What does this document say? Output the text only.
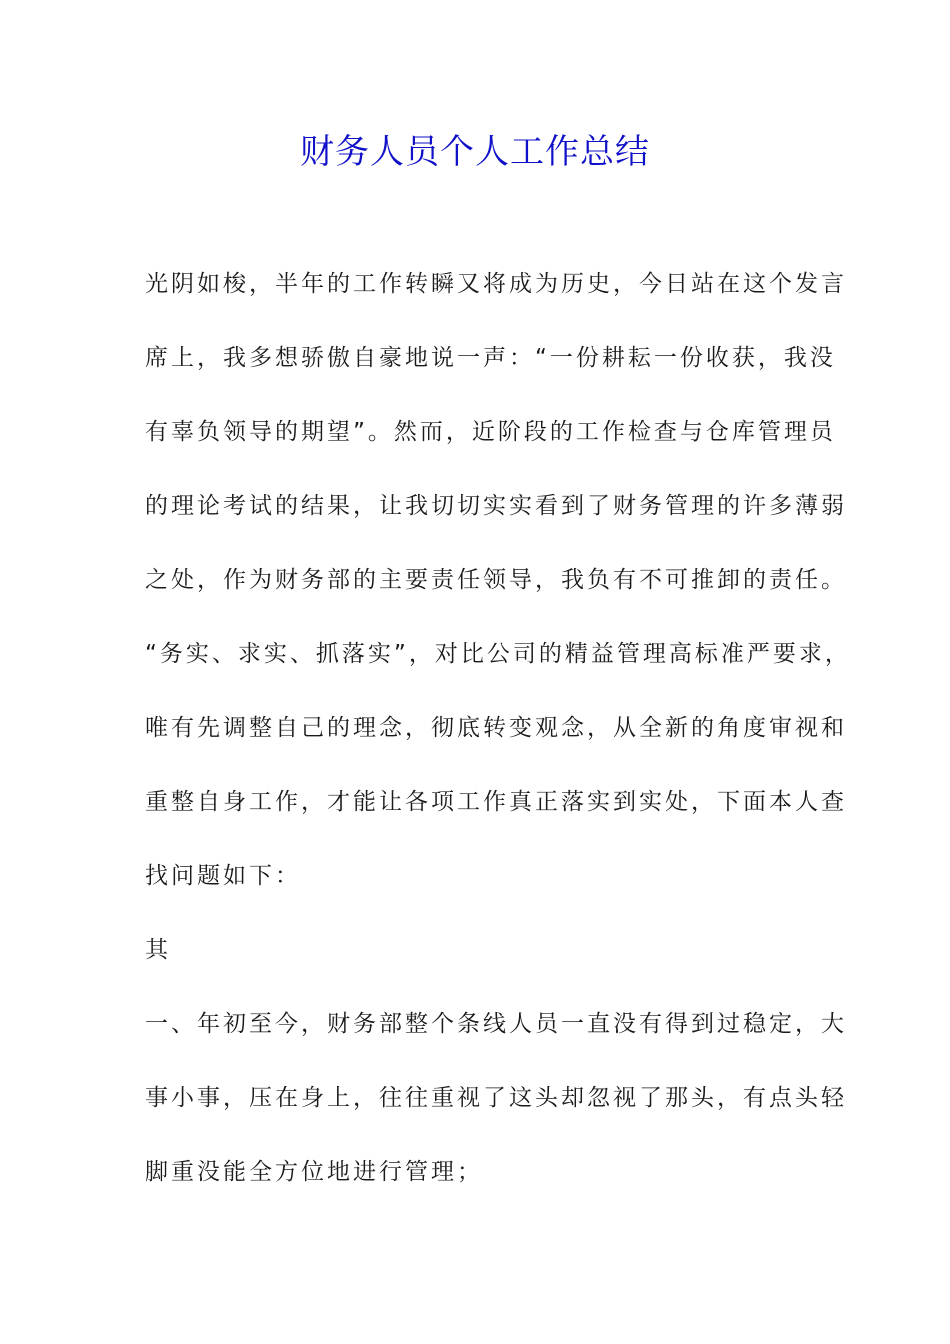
财务人员个人工作总结
光阴如梭，半年的工作转瞬又将成为历史，今日站在这个发言
席上，我多想骄傲自豪地说一声：“一份耕耘一份收获，我没
有辜负领导的期望”。然而，近阶段的工作检查与仓库管理员
的理论考试的结果，让我切切实实看到了财务管理的许多薄弱
之处，作为财务部的主要责任领导，我负有不可推卸的责任。
“务实、求实、抓落实”，对比公司的精益管理高标准严要求，
唯有先调整自己的理念，彻底转变观念，从全新的角度审视和
重整自身工作，才能让各项工作真正落实到实处，下面本人查
找问题如下：
其
一、年初至今，财务部整个条线人员一直没有得到过稳定，大
事小事，压在身上，往往重视了这头却忽视了那头，有点头轻
脚重没能全方位地进行管理；
